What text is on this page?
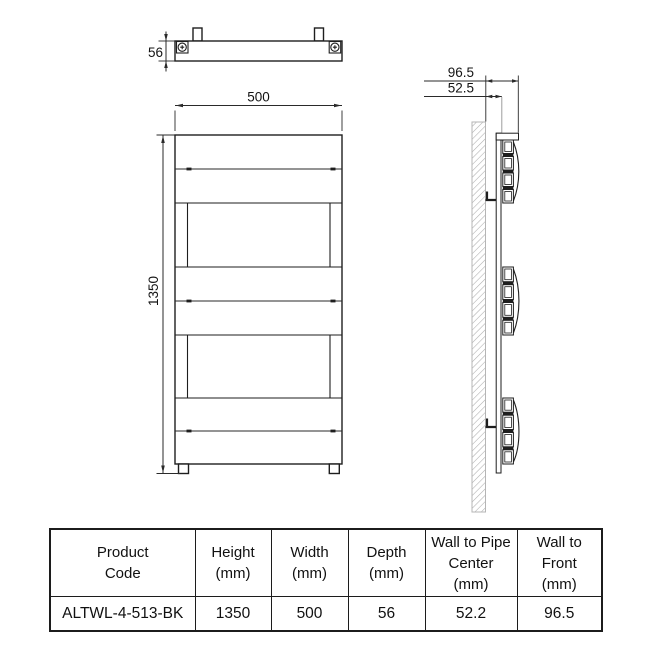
56
500
1350
96.5
52.5
Product
Code

Height
(mm)

Width
(mm)

Depth
(mm)

Wall to Pipe
Center
(mm)

Wall to
Front
(mm)

ALTWL-4-513-BK	1350	500	56	52.2	96.5
